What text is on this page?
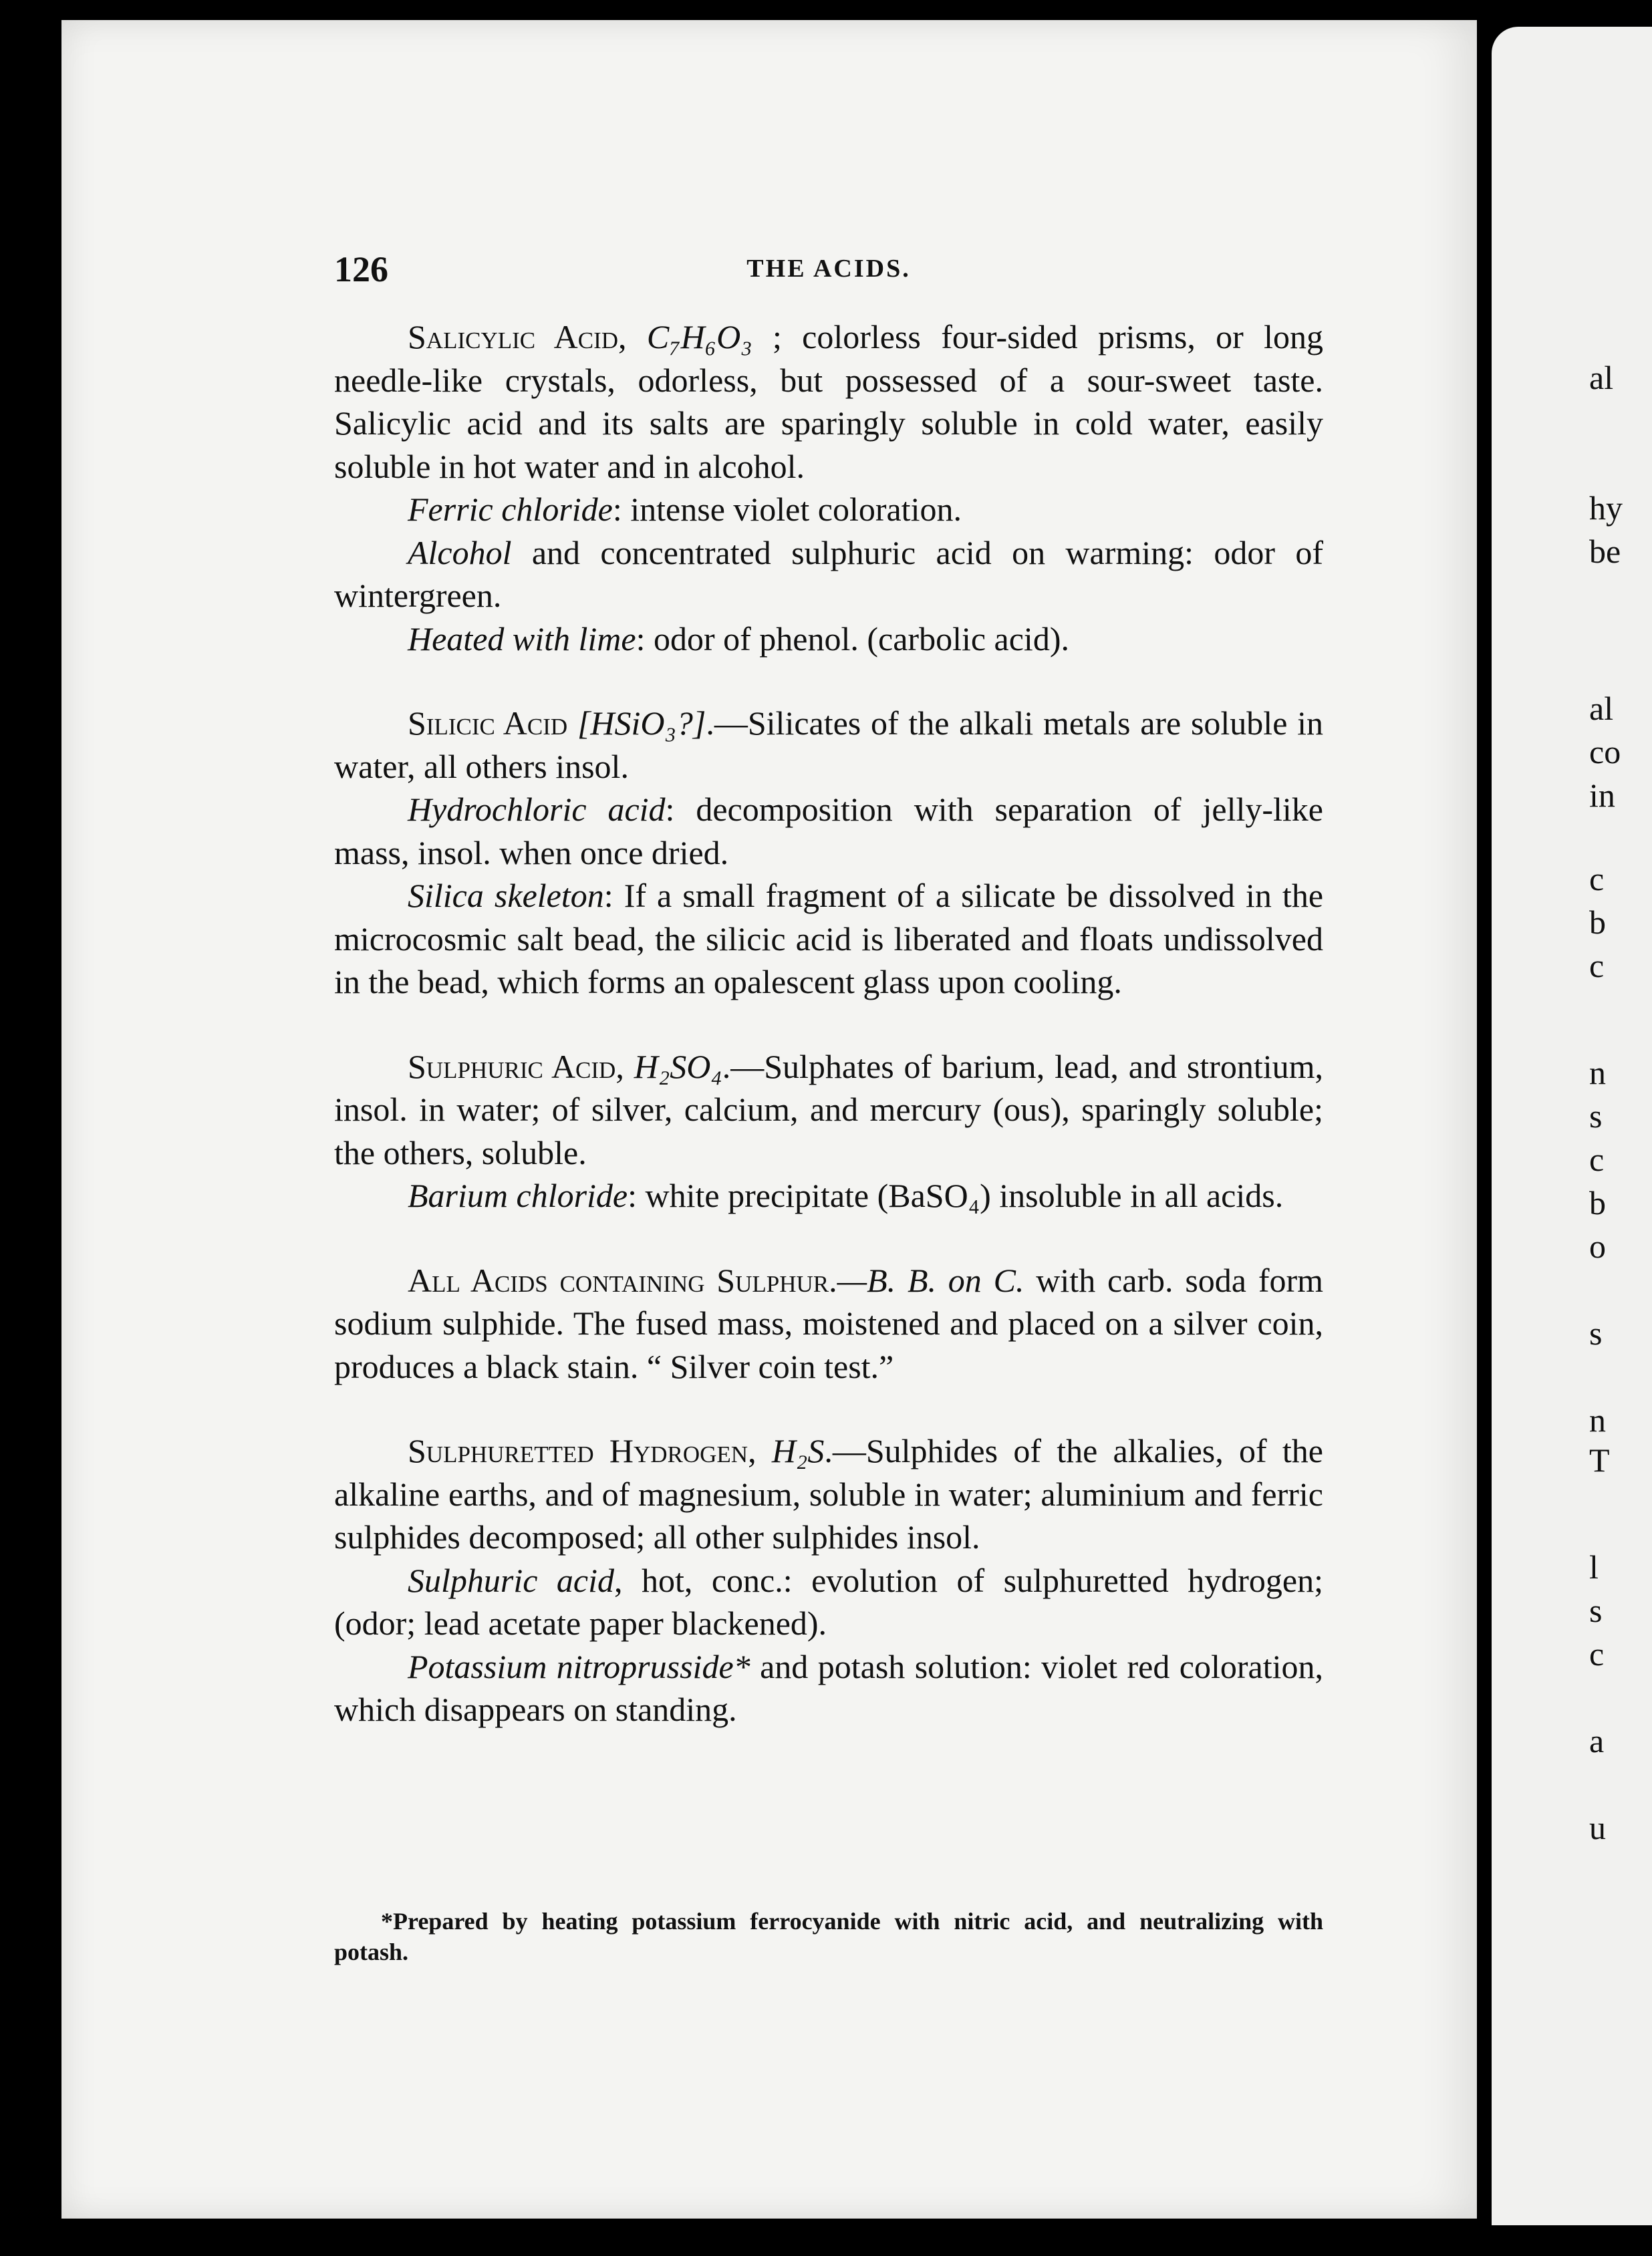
al
hy
be
al
co
in
c
b
c
n
s
c
b
o
s
n
T
l
s
c
a
u
126	THE ACIDS.

Salicylic Acid, C₇H₆O₃ ; colorless four-sided prisms, or long needle-like crystals, odorless, but possessed of a sour-sweet taste. Salicylic acid and its salts are sparingly soluble in cold water, easily soluble in hot water and in alcohol.

Ferric chloride: intense violet coloration.

Alcohol and concentrated sulphuric acid on warming: odor of wintergreen.

Heated with lime: odor of phenol. (carbolic acid).

Silicic Acid [HSiO₃?].—Silicates of the alkali metals are soluble in water, all others insol.

Hydrochloric acid: decomposition with separation of jelly-like mass, insol. when once dried.

Silica skeleton: If a small fragment of a silicate be dissolved in the microcosmic salt bead, the silicic acid is liberated and floats undissolved in the bead, which forms an opalescent glass upon cooling.

Sulphuric Acid, H₂SO₄.—Sulphates of barium, lead, and strontium, insol. in water; of silver, calcium, and mercury (ous), sparingly soluble; the others, soluble.

Barium chloride: white precipitate (BaSO₄) insoluble in all acids.

All Acids containing Sulphur.—B. B. on C. with carb. soda form sodium sulphide. The fused mass, moistened and placed on a silver coin, produces a black stain. “ Silver coin test.”

Sulphuretted Hydrogen, H₂S.—Sulphides of the alkalies, of the alkaline earths, and of magnesium, soluble in water; aluminium and ferric sulphides decomposed; all other sulphides insol.

Sulphuric acid, hot, conc.: evolution of sulphuretted hydrogen; (odor; lead acetate paper blackened).

Potassium nitroprusside* and potash solution: violet red coloration, which disappears on standing.

*Prepared by heating potassium ferrocyanide with nitric acid, and neutralizing with potash.
